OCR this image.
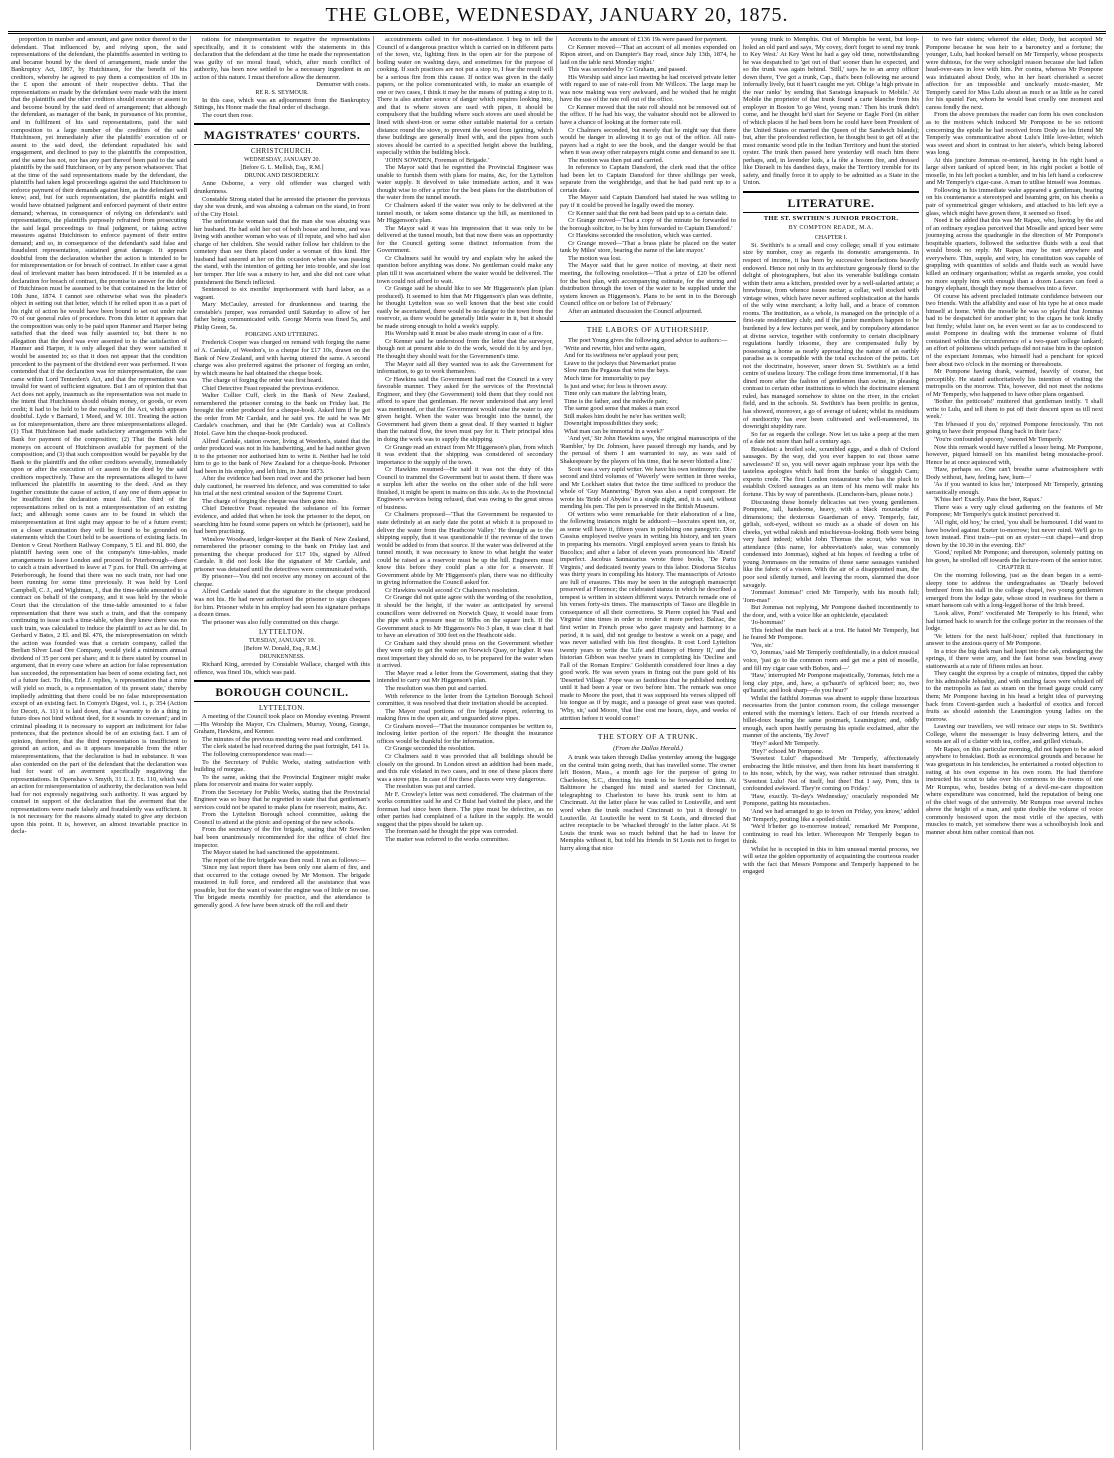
THE GLOBE, WEDNESDAY, JANUARY 20, 1875.

proportion in number and amount, and gave notice thereof to the defendant. That influenced by, and relying upon, the said representations of the defendant, the plaintiffs assented in writing to and became bound by the deed of arrangement, made under the Bankruptcy Act, 1867, by Hutchinson, for the benefit of his creditors, whereby he agreed to pay them a composition of 10s in the £ upon the amount of their respective debts. That the representations so made by the defendant were made with the intent that the plaintiffs and the other creditors should execute or assent to and become bound by the said deed of arrangement; that although the defendant, as manager of the bank, in pursuance of his promise, and in fulfilment of his said representations, paid the said composition to a large number of the creditors of the said Hutchinson, yet immediately after the plaintiffs' execution of or assent to the said deed, the defendant repudiated his said engagement, and declined to pay to the plaintiffs the composition, and the same has not, nor has any part thereof been paid to the said plaintiffs by the said Hutchinson, or by any person whatsoever. That at the time of the said representations made by the defendant, the plaintiffs had taken legal proceedings against the said Hutchinson to enforce payment of their demands against him, as the defendant well knew; and, but for such representation, the plaintiffs might and would have obtained judgment and enforced payment of their entire demand; whereas, in consequence of relying on defendant's said representations, the plaintiffs purposely refrained from prosecuting the said legal proceedings to final judgment, or taking active measures against Hutchinson to enforce payment of their entire demand; and so, in consequence of the defendant's said false and fraudulent representation, sustained great damage. It appears doubtful from the declaration whether the action is intended to be for misrepresentation or for breach of contract. In either case a great deal of irrelevant matter has been introduced. If it be intended as a declaration for breach of contract, the promise to answer for the debt of Hutchinson must be assumed to be that contained in the letter of 10th June, 1874. I cannot see otherwise what was the pleader's object in setting out that letter, which if he relied upon it as a part of his right of action he would have been bound to set out under rule 70 of our general rules of procedure. From this letter it appears that the composition was only to be paid upon Hanmer and Harper being satisfied that the deed was fully assented to; but there is no allegation that the deed was ever assented to to the satisfaction of Hanmer and Harper, it is only alleged that they were satisfied it would be assented to; so that it does not appear that the condition precedent to the payment of the dividend ever was performed. It was contended that if the declaration was for misrepresentation, the case came within Lord Tenterden's Act, and that the representation was invalid for want of sufficient signature. But I am of opinion that that Act does not apply, inasmuch as the representation was not made to the intent that Hutchinson should obtain money, or goods, or even credit; it had to be held to be the reading of the Act, which appears doubtful. Lyde v Barnard, 1 Meed, and W. 101. Treating the action as for misrepresentation, there are three misrepresentations alleged. (1) That Hutchinson had made satisfactory arrangements with the Bank for payment of the composition; (2) That the Bank held moneys on account of Hutchinson available for payment of the composition; and (3) that such composition would be payable by the Bank to the plaintiffs and the other creditors severally, immediately upon or after the execution of or assent to the deed by the said creditors respectively. These are the representations alleged to have influenced the plaintiffs in assenting to the deed. And as they together constitute the cause of action, if any one of them appear to be insufficient the declaration must fail. The third of the representations relied on is not a misrepresentation of an existing fact; and although some cases are to be found in which the misrepresentation at first sight may appear to be of a future event; on a closer examination they will be found to be grounded on statements which the Court held to be assertions of existing facts. In Denton v Great Northern Railway Company, 5 El. and Bl. 860, the plaintiff having seen one of the company's time-tables, made arrangements to leave London and proceed to Peterborough—there to catch a train advertised to leave at 7 p.m. for Hull. On arriving at Peterborough, he found that there was no such train, nor had one been running for some time previously. It was held by Lord Campbell, C. J., and Wightman, J., that the time-table amounted to a contract on behalf of the company, and it was held by the whole Court that the circulation of the time-table amounted to a false representation that there was such a train, and that the company continuing to issue such a time-table, when they knew there was no such train, was calculated to induce the plaintiff to act as he did. In Gerhard v Bates, 2 El. and Bl. 476, the misrepresentation on which the action was founded was that a certain company, called the Berlian Silver Lead Ore Company, would yield a minimum annual dividend of 35 per cent per share; and it is there stated by counsel in argument, that in every case where an action for false representation has succeeded, the representation has been of some existing fact, not of a future fact. To this, Erle J. replies, 'a representation that a mine will yield so much, is a representation of its present state,' thereby impliedly admitting that there could be no false misrepresentation except of an existing fact. In Comyn's Digest, vol. i., p. 354 (Action for Deceit, A. 11) it is laid down, that a 'warranty to do a thing in futuro does not bind without deed, for it sounds in covenant'; and in criminal pleading it is necessary to support an indictment for false pretences, that the pretence should be of an existing fact. I am of opinion, therefore, that the third representation is insufficient to ground an action, and as it appears inseparable from the other misrepresentations, that the declaration is bad in substance. It was also contended on the part of the defendant that the declaration was bad for want of an averment specifically negativing the representations. In Openshaw v. Smyth, 31 L. J. Ex. 110, which was an action for misrepresentation of authority, the declaration was held bad for not expressly negativing such authority. It was argued by counsel in support of the declaration that the averment that the representations were made falsely and fraudulently was sufficient. It is not necessary for the reasons already stated to give any decision upon this point. It is, however, an almost invariable practice in decla-

rations for misrepresentation to negative the representations specifically, and it is consistent with the statements in this declaration that the defendant at the time he made the representation was guilty of no moral fraud, which, after much conflict of authority, has been now settled to be a necessary ingredient in an action of this nature. I must therefore allow the demurrer.

Demurrer with costs.

RE R. S. SEYMOUR.

In this case, which was an adjournment from the Bankruptcy Sittings, his Honor made the final order of discharge.

The court then rose.

MAGISTRATES' COURTS.
CHRISTCHURCH.
WEDNESDAY, JANUARY 20.
[Before G. L. Mellish, Esq., R.M.]
DRUNK AND DISORDERLY.

Anne Osborne, a very old offender was charged with drunkenness.

Constable Strong stated that he arrested the prisoner the previous day she was drunk, and was abusing a cabman on the stand, in front of the City Hotel.

The unfortunate woman said that the man she was abusing was her husband. He had sold her out of both house and home, and was living with another woman who was of ill repute, and who had also charge of her children. She would rather follow her children to the cemetery than see them placed under a woman of this kind. Her husband had sneered at her on this occasion when she was passing the stand, with the intention of getting her into trouble, and she lost her temper. Her life was a misery to her, and she did not care what punishment the Bench inflicted.

Sentenced to six months' imprisonment with hard labor, as a vagrant.

Mary McCauley, arrested for drunkenness and tearing the constable's jumper, was remanded until Saturday to allow of her father being communicated with. George Morris was fined 5s, and Philip Green, 5s.

FORGING AND UTTERING.

Frederick Cooper was charged on remand with forging the name of A. Cardale, of Weedon's, to a cheque for £17 10s, drawn on the Bank of New Zealand, and with having uttered the same. A second charge was also preferred against the prisoner of forging an order, by which means he had obtained the cheque book.

The charge of forging the order was first heard.

Chief Detective Feast repeated the previous evidence.

Walter Collier Cuff, clerk in the Bank of New Zealand, remembered the prisoner coming to the bank on Friday last. He brought the order produced for a cheque-book. Asked him if he got the order from Mr Cardale, and he said yes. He said he was Mr Cardale's coachman, and that he (Mr Cardale) was at Collins's Hotel. Gave him the cheque-book produced.

Alfred Cardale, station owner, living at Weedon's, stated that the order produced was not in his handwriting, and he had neither given it to the prisoner nor authorised him to write it. Neither had he told him to go to the bank of New Zealand for a cheque-book. Prisoner had been in his employ, and left him, in June 1873.

After the evidence had been read over and the prisoner had been duly cautioned, he reserved his defence, and was committed to take his trial at the next criminal session of the Supreme Court.

The charge of forging the cheque was then gone into.

Chief Detective Feast repeated the substance of his former evidence, and added that when he took the prisoner to the depot, on searching him he found some papers on which he (prisoner), said he had been practising.

Winslow Woodward, ledger-keeper at the Bank of New Zealand, remembered the prisoner coming to the bank on Friday last and presenting the cheque produced for £17 10s, signed by Alfred Cardale. It did not look like the signature of Mr Cardale, and prisoner was detained until the detectives were communicated with.

By prisoner—You did not receive any money on account of the cheque.

Alfred Cardale stated that the signature to the cheque produced was not his. He had never authorised the prisoner to sign cheques for him. Prisoner while in his employ had seen his signature perhaps a dozen times.

The prisoner was also fully committed on this charge.

LYTTELTON.
TUESDAY, JANUARY 19.
[Before W. Donald, Esq., R.M.]
DRUNKENNESS.

Richard King, arrested by Constable Wallace, charged with this offence, was fined 10s, which was paid.

BOROUGH COUNCIL.
LYTTELTON.

A meeting of the Council took place on Monday evening. Present—His Worship the Mayor, Crs Chalmers, Murray, Young, Grange, Graham, Hawkins, and Kenner.

The minutes of the previous meeting were read and confirmed.

The clerk stated he had received during the past fortnight, £41 1s.

The following correspondence was read:—

To the Secretary of Public Works, stating satisfaction with building of morgue.

To the same, asking that the Provincial Engineer might make plans for reservoir and mains for water supply.

From the Secretary for Public Works, stating that the Provincial Engineer was so busy that he regretted to state that that gentleman's services could not be spared to make plans for reservoir, mains, &c.

From the Lyttelton Borough school committee, asking the Council to attend at the picnic and opening of the new schools.

From the secretary of the fire brigade, stating that Mr Sowden had been unanimously recommended for the office of chief fire inspector.

The Mayor stated he had sanctioned the appointment.

The report of the fire brigade was then read. It ran as follows:—

'Since my last report there has been only one alarm of fire, and that occurred to the cottage owned by Mr Monson. The brigade mustered in full force, and rendered all the assistance that was possible, but for the want of water the engine was of little or no use. The brigade meets monthly for practice, and the attendance is generally good. A few have been struck off the roll and their

accoutrements called in for non-attendance. I beg to tell the Council of a dangerous practice which is carried on in different parts of the town, viz, lighting fires in the open air for the purpose of boiling water on washing days, and sometimes for the purpose of cooking. If such practices are not put a stop to, I fear the result will be a serious fire from this cause. If notice was given in the daily papers, or the police communicated with, to make an example of one or two cases, I think it may be the means of putting a stop to it. There is also another source of danger which requires looking into, and that is where stoves are used with pipes, it should be compulsory that the building where such stoves are used should be lined with sheet-iron or some other suitable material for a certain distance round the stove, to prevent the wood from igniting, which these buildings are generally lined with, and the pipes from such stoves should be carried to a specified height above the building, especially within the building block.

'JOHN SOWDEN, Foreman of Brigade.'

The Mayor said that he regretted the Provincial Engineer was unable to furnish them with plans for mains, &c, for the Lyttelton water supply. It devolved to take immediate action, and it was thought wise to offer a prize for the best plans for the distribution of the water from the tunnel mouth.

Cr Chalmers asked if the water was only to be delivered at the tunnel mouth, or taken some distance up the hill, as mentioned in Mr Higgenson's plan.

The Mayor said it was his impression that it was only to be delivered at the tunnel mouth, but that now there was an opportunity for the Council getting some distinct information from the Government.

Cr Chalmers said he would try and explain why he asked the question before anything was done. No gentleman could make any plan till it was ascertained where the water would be delivered. The town could not afford to wait.

Cr Grange said he should like to see Mr Higgenson's plan (plan produced). It seemed to him that Mr Higgenson's plan was definite, he thought Lyttelton was so well known that the best site could easily be ascertained, there would be no danger to the town from the reservoir, as there would be generally little water in it, but it should be made strong enough to hold a week's supply.

His Worship said it must be also made strong in case of a fire.

Cr Kenner said he understood from the letter that the surveyor, though not at present able to do the work, would do it by and bye. He thought they should wait for the Government's time.

The Mayor said all they wanted was to ask the Government for information, to go to work themselves.

Cr Hawkins said the Government had met the Council in a very favorable manner. They asked for the services of the Provincial Engineer, and they (the Government) told them that they could not afford to spare that gentleman. He never understood that any level was mentioned, or that the Government would raise the water to any given height. When the water was brought into the tunnel, the Government had given them a great deal. If they wanted it higher than the natural flow, the town must pay for it. Their principal idea in doing the work was to supply the shipping.

Cr Grange read an extract from Mr Higgenson's plan, from which it was evident that the shipping was considered of secondary importance to the supply of the town.

Cr Hawkins resumed—He said it was not the duty of this Council to trammel the Government but to assist them. If there was a surplus left after the works on the other side of the hill were finished, it might be spent in mains on this side. As to the Provincial Engineer's services being refused, that was owing to the great stress of business.

Cr Chalmers proposed—'That the Government be requested to state definitely at an early date the point at which it is proposed to deliver the water from the Heathcote Valley.' He thought as to the shipping supply, that it was questionable if the revenue of the town would be added to from that source. If the water was delivered at the tunnel mouth, it was necessary to know to what height the water could be raised as a reservoir must be up the hill. Engineers must know this before they could plan a site for a reservoir. If Government abide by Mr Higgenson's plan, there was no difficulty in giving information the Council asked for.

Cr Hawkins would second Cr Chalmers's resolution.

Cr Grange did not quite agree with the wording of the resolution, it should be the height, if the water as anticipated by several councillors were delivered on Norwich Quay, it would issue from the pipe with a pressure near to 90lbs on the square inch. If the Government stuck to Mr Higgenson's No 3 plan, it was clear it had to have an elevation of 300 feet on the Heathcote side.

Cr Graham said they should press on the Government whether they were only to get the water on Norwich Quay, or higher. It was most important they should do so, to be prepared for the water when it arrived.

The Mayor read a letter from the Government, stating that they intended to carry out Mr Higgenson's plan.

The resolution was then put and carried.

With reference to the letter from the Lyttelton Borough School committee, it was resolved that their invitation should be accepted.

The Mayor read portions of fire brigade report, referring to making fires in the open air, and unguarded stove pipes.

Cr Graham moved—'That the insurance companies be written to, inclosing letter portion of the report.' He thought the insurance offices would be thankful for the information.

Cr Grange seconded the resolution.

Cr Chalmers said it was provided that all buildings should be closely on the ground. In London street an addition had been made, and this rule violated in two cases, and in one of these places there was a stove pipe. In case of fire these places were very dangerous.

The resolution was put and carried.

Mr F. Crowley's letter was next considered. The chairman of the works committee said he and Cr Buist had visited the place, and the foreman had since been there. The pipe must be defective, as no other parties had complained of a failure in the supply. He would suggest that the pipes should be taken up.

The foreman said he thought the pipe was corroded.

The matter was referred to the works committee.

Accounts to the amount of £136 19s were passed for payment.

Cr Kenner moved—'That an account of all monies expended on Ripon street, and on Dampier's Bay road, since July 13th, 1874, be laid on the table next Monday night.'

This was seconded by Cr Graham, and passed.

His Worship said since last meeting he had received private letter with regard to use of rate-roll from Mr Willcox. The large map he was now making was very awkward, and he wished that he might have the use of the rate roll out of the office.

Cr Kenner moved that the rate roll should not be removed out of the office. If he had his way, the valuator should not be allowed to have a chance of looking at the former rate roll.

Cr Chalmers seconded, but merely that he might say that there would be danger in allowing it to go out of the office. All rate-payers had a right to see the book, and the danger would be that when it was away other ratepayers might come and demand to see it.

The motion was then put and carried.

In reference to Captain Dansford, the clerk read that the office had been let to Captain Dansford for three shillings per week, separate from the weighbridge, and that he had paid rent up to a certain date.

The Mayor said Captain Dansford had stated he was willing to pay if it could be proved he legally owed the money.

Cr Kenner said that the rent had been paid up to a certain date.

Cr Grange moved—'That a copy of the minute be forwarded to the borough solicitor, to be by him forwarded to Captain Dansford.'

Cr Hawkins seconded the resolution, which was carried.

Cr Grange moved—'That a brass plate be placed on the water tank by Miles' store, bearing the name of the late mayor.'

The motion was lost.

The Mayor said that he gave notice of moving, at their next meeting, the following resolution—'That a prize of £20 be offered for the best plan, with accompanying estimate, for the storing and distribution through the town of the water to be supplied under the system known as Higgenson's. Plans to be sent in to the Borough Council office on or before 1st of February.'

After an animated discussion the Council adjourned.

THE LABORS OF AUTHORSHIP.

The poet Young gives the following good advice to authors:—

'Write and rewrite, blot and write again,

And for its swiftness ne'er applaud your pen;

Leave to the jockeys that Newmarket praise

Slow rum the Pegasus that wins the bays.

Much time for immortality to pay

Is just and wise; for less is thrown away.

Time only can mature the lab'ring brain,

Time is the father, and the midwife pain;

The same good sense that makes a man excel

Still makes him doubt he ne'er has written well;

Downright impossibilities they seek;

What man can be immortal in a week?'

'And yet,' Sir John Hawkins says, 'the original manuscripts of the 'Rambler,' by Dr. Johnson, have passed through my hands, and by the perusal of them I am warranted to say, as was said of Shakespeare by the players of his time, that he never blotted a line.'

Scott was a very rapid writer. We have his own testimony that the second and third volumes of 'Waverly' were written in three weeks, and Mr Lockhart states that twice the time sufficed to produce the whole of 'Guy Mannering.' Byron was also a rapid composer. He wrote his 'Bride of Abydos' in a single night, and, it is said, without mending his pen. The pen is preserved in the British Museum.

Of writers who were remarkable for their elaboration of a line, the following instances might be adduced:—Isocrates spent ten, or, as some will have it, fifteen years in polishing one panegyric. Dion Cassius employed twelve years in writing his history, and ten years in preparing his memoirs. Virgil employed seven years to finish his Bucolics; and after a labor of eleven years pronounced his 'Æneid' imperfect. Jacobus Sannazarius wrote three books, 'De Partu Virginis,' and dedicated twenty years to this labor. Diodorus Siculus was thirty years in compiling his history. The manuscripts of Ariosto are full of erasures. This may be seen in the autograph manuscript preserved at Florence; the celebrated stanza in which he described a tempest is written in sixteen different ways. Petrarch remade one of his verses forty-six times. The manuscripts of Tasso are illegible in consequence of all their corrections. St Pierre copied his 'Paul and Virginia' nine times in order to render it more perfect. Balzac, the first writer in French prose who gave majesty and harmony to a period, it is said, did not grudge to bestow a week on a page, and was never satisfied with his first thoughts. It cost Lord Lyttelton twenty years to write the 'Life and History of Henry II,' and the historian Gibbon was twelve years in completing his 'Decline and Fall of the Roman Empire.' Goldsmith considered four lines a day good work. He was seven years in fining out the pure gold of his 'Deserted Village.' Pope was so fastidious that he published nothing until it had been a year or two before him. The remark was once made to Moore the poet, that it was supposed his verses slipped off his tongue as if by magic, and a passage of great ease was quoted. 'Why, sir,' said Moore, 'that line cost me hours, days, and weeks of attrition before it would come!'

THE STORY OF A TRUNK.
(From the Dallas Herald.)

A trunk was taken through Dallas yesterday among the baggage on the central train going north, that has travelled some. The owner left Boston, Mass., a month ago for the purpose of going to Charleston, S.C., directing his trunk to be forwarded to him. At Baltimore he changed his mind and started for Cincinnati, telegraphing to Charleston to have his trunk sent to him at Cincinnati. At the latter place he was called to Louisville, and sent word when the trunk reached Cincinnati to 'put it through' to Louisville. At Louisville he went to St Louis, and directed that active receptacle to be 'whacked through' to the latter place. At St Louis the trunk was so much behind that he had to leave for Memphis without it, but told his friends in St Louis not to forget to hurry along that nice

young trunk to Memphis. Out of Memphis he went, but loop-holed an old pard and says, 'My covey, don't forget to send my trunk to Key West.' At Key West he had a gay old time, notwithstanding he was despatched to 'get out of that' sooner than he expected, and so the trunk was again behind. 'Still,' says he to an army officer down there, 'I've got a trunk, Cap., that's been following me around infernally lively, but it hasn't caught me yet. Oblige 'a high private in the rear ranks' by sending that Saratoga knapsack to Mobile.' At Mobile the proprietor of that trunk found a carte blanche from his employer in Boston 'to go West, young man.' Then his trunk didn't come, and he thought he'd start for Seyene or Eagle Ford (in either of which places if he had been born he could have been President of the United States or married the Queen of the Sandwich Islands); but, after the profoundest reflection, he thought best to get off at the most romantic wood pile in the Indian Territory and hunt the storied oyster. The trunk then passed here yesterday will reach him there perhaps, and, in lavender kids, a la tête a bosom fire, and dressed like Disraeli in his dandiest days, make the Territory tremble for its safety, and finally force it to apply to be admitted as a State in the Union.

LITERATURE.
THE ST. SWITHIN'S JUNIOR PROCTOR.
BY COMPTON READE, M.A.
CHAPTER I.

St. Swithin's is a small and cosy college; small if you estimate size by number, cosy as regards its domestic arrangements. In respect of income, it has been by successive benefactions heavily endowed. Hence not only in its architecture gorgeously florid to the delight of photographers, but also its venerable buildings contain within their area a kitchen, presided over by a well-salaried artiste; a brewhouse, from whence issues nectar; a cellar, well stocked with vintage wines, which have never suffered sophistication at the hands of the wily wine merchant; a lofty hall, and a brace of common rooms. The institution, as a whole, is managed on the principle of a first-rate residentiary club; and if the junior members happen to be burdened by a few lectures per week, and by compulsory attendance at divine service, together with conformity to certain disciplinary regulations hardly irksome, they are compensated fully by possessing a home as nearly approaching the nature of an earthly paradise as is compatible with the total exclusion of the petits. Let not the doctrinaire, however, sneer down St. Swithin's as a fetid centre of useless luxury. The college from time immemorial, if it has dined more after the fashion of gentlemen than swine, in pleasing contrast to certain other institutions to which the doctrinaire element ruled, has managed somehow to shine on the river, in the cricket field, and in the schools. St. Swithin's has been prolific in genius, has showed, moreover, a go of average of talent; whilst its residuum of mediocrity has ever been cultivated and well-mannered, its downright stupidity rare.

So far as regards the college. Now let us take a peep at the men of a date not more than half a century ago.

Breakfast: a broiled sole, scrambled eggs, and a dish of Oxford sausages. By the way, did you ever happen to eat those same sawclesses? If so, you will never again rephrase your lips with the tasteless apologies which hail from the banks of sluggish Cam; experto crede. The first London restaurateur who has the pluck to establish Oxford sausages as an item of his menu will make his fortune. This by way of parenthesis. (Luncheon-bars, please note.)

Discussing these homely delicacies sat two young gentlemen. Pompone, tall, handsome, heavy, with a black moustache of dimensions; the dexterous Guardsman of envy. Temperly, fair, girlish, soft-eyed, without so much as a shade of down on his cheeks, yet withal rakish and mischievous-looking. Both were being very hard indeed; whilst John Thomas the scout, who was in attendance (this name, for abbreviation's sake, was commonly condensed into Jommas), sighed at his hopes of feeding a tribe of young Jommases on the remains of those same sausages vanished like the fabric of a vision. With the air of a disappointed man, the poor soul silently turned, and leaving the room, slammed the door savagely.

'Jommas! Jommas!' cried Mr Temperly, with his mouth full; 'Jom-mas!'

But Jommas not replying, Mr Pompone dashed incontinently to the door, and, with a voice like an ophicleide, ejaculated:

'Jo-hommas!'

This fetched the man back at a trot. He hated Mr Temperly, but he feared Mr Pompone.

'Yes, sir.'

'O, Jommas,' said Mr Temperly confidentially, in a dulcet musical voice, 'just go to the common room and get me a pint of moselle, and fill my cigar case with Bobos, and—'

'Haw,' interrupted Mr Pompone majestically, 'Jommas, fetch me a long clay pipe, and, haw, a qu'hauri's of sp'hiced beer; no, two qu'hauris; and look sharp—do you hear?'

Whilst the faithful Jommas was absent to supply these luxurious necessaries from the junior common room, the college messenger entered with the morning's letters. Each of our friends received a billet-doux bearing the same postmark, Leamington; and, oddly enough, each upon hastily perusing his epistle exclaimed, after the manner of the ancients, 'By Jove!'

'Hey?' asked Mr Temperly.

'Hey?' echoed Mr Pompone.

'Sweetest Lulu!' rhapsodised Mr Temperly, affectionately embracing the little missive, and then from his heart transferring it to his nose, which, by the way, was rather retroussé than straight. 'Sweetest Lulu! Not of itself, but thee! But I say, Pom, this is confounded awkward. They're coming on Friday.'

'Haw, exactly. To-day's Wednesday,' oracularly responded Mr Pompone, patting his moustaches.

'And we had arranged to go to town on Friday, you know,' added Mr Temperly, pouting like a spoiled child.

'We'd b'hetter go to-morrow instead,' remarked Mr Pompone, continuing to read his letter. Whereupon Mr Temperly began to think.

Whilst he is occupied in this to him unusual mental process, we will seize the golden opportunity of acquainting the courteous reader with the fact that Messrs Pompone and Temperly happened to be engaged

to two fair sisters; whereof the elder, Dody, but accepted Mr Pompone because he was heir to a baronetcy and a fortune; the younger, Lulu, had hooked herself on Mr Temperly, whose prospects were dubious, for the very schoolgirl reason because she had fallen head-over-ears in love with him. Per contra, whereas Mr Pompone was infatuated about Dody, who in her heart cherished a secret affection for an impossible and unclearly music-master, Mr Temperly cared for Miss Lulu about as much or as little as he cared for his spaniel Fan, whom he would beat cruelly one moment and caress fondly the next.

From the above premises the reader can form his own conclusion as to the motives which induced Mr Pompone to be so reticent concerning the epistle he had received from Dody as his friend Mr Temperly was communicative about Lulu's little love-letter, which was sweet and short in contrast to her sister's, which being labored was long.

At this juncture Jommas re-entered, having in his right hand a large silver tankard of spiced beer, in his right pocket a bottle of moselle, in his left pocket a tumbler, and in his left hand a corkscrew and Mr Temperly's cigar-case. A man to utilise himself was Jommas.

Following in his immediate wake appeared a gentleman, bearing on his countenance a stereotyped and beaming grin, on his cheeks a pair of symmetrical ginger whiskers, and attached to his left eye a glass, which might have grown there, it seemed so fixed.

Need it be added that this was Mr Rapax, who, having by the aid of an ordinary eyeglass perceived that Moselle and spiced beer were journeying across the quadrangle in the direction of Mr Pompone's hospitable quarters, followed the seductive fluids with a zeal that would brook no reply. Mr Rapax may be met anywhere and everywhere. Thin, supple, and wiry, his constitution was capable of grappling with quantities of solids and fluids such as would have killed an ordinary organisation; whilst as regards smoke, you could no more supply him with enough than a dozen Lascars can feed a hungry elephant, though they mow themselves into a fever.

Of course his advent precluded intimate confidence between our two friends. With the affability and ease of his type he at once made himself at home. With the moselle he was so playful that Jommas had to be despatched for another pint; to the cigars he took kindly but firmly; whilst later on, he even went so far as to condescend to assist Pompone in dealing with the immense volume of fluid contained within the circumference of a two-quart college tankard; an effort of politeness which perhaps did not raise him in the opinion of the expectant Jommas, who himself had a penchant for spiced beer about two o'clock in the morning or thereabouts.

Mr Pompone having drank, warmed, heavily of course, but perceptibly. He stated authoritatively his intention of visiting the metropolis on the morrow. This, however, did not meet the notions of Mr Temperly, who happened to have other plans organised.

'Bother the petticoats!' muttered that gentleman testily. 'I shall write to Lulu, and tell them to put off their descent upon us till next week.'

'I'm b'hessed if you do,' rejoined Pompone ferociously. 'I'm not going to have their proposal flung back in their face.'

'You're confounded spoony,' sneered Mr Temperly.

Now this remark would have ruffled a lesser being. Mr Pompone, however, piqued himself on his manifest being moustache-proof. Hence he at once aquiesced with,

'Haw, perhaps so. One can't breathe same a'hatmosphere with Dody without, haw, feeling, haw, hum—'

'As if you wanted to kiss her,' interposed Mr Temperly, grinning sarcastically enough.

'K'hiss her! Exactly. Pass the beer, Rapax.'

There was a very ugly cloud gathering on the features of Mr Pompone; Mr Temperly's quick instinct perceived it.

'All right, old boy,' he cried, 'you shall be humoured. I did want to have bowled against Exeter to-morrow; but never mind. We'll go to town instead. First train—put on an oyster—cut chapel—and drop down by the 10.30 in the evening. Eh?'

'Good,' replied Mr Pompone; and thereupon, solemnly putting on his gown, he strolled off towards the lecture-room of the senior tutor.

CHAPTER II.

On the morning following, just as the dean began in a semi-sleepy tone to address the undergraduates as 'Dearly beloved brethren' from his stall in the college chapel, two young gentlemen emerged from the lodge gate, whose stood in readiness for them a smart hansom cab with a long-legged horse of the Irish breed.

'Look alive, Pom!' vociferated Mr Temperly to his friend, who had turned back to search for the college porter in the recesses of the lodge.

'Ve letters for the next half-hour,' replied that functionary in answer to the anxious query of Mr Pompone.

In a trice the big dark man had leapt into the cab, endangering the springs, if there were any, and the fast horse was bowling away stationwards at a rate of fifteen miles an hour.

They caught the express by a couple of minutes, tipped the cabby for his admirable Jehuship, and with smiling faces were whisked off to the metropolis as fast as steam on the broad gauge could carry them; Mr Pompone having in his head a bright idea of purveying back from Covent-garden such a basketful of exotics and forced fruits as should astonish the Leamington young ladies on the morrow.

Leaving our travellers, we will retrace our steps to St. Swithin's College, where the messenger is busy delivering letters, and the scouts are all of a clatter with tea, coffee, and grilled victuals.

Mr Rapax, on this particular morning, did not happen to be asked anywhere to breakfast. Both as economical grounds and because he was gregarious in his tendencies, he entertained a rooted objection to eating at his own expense in his own room. He had therefore instructed his scout to take over his commons to the rooms of one Mr Rumpus, who, besides being of a devil-me-care disposition where expenditure was concerned, held the reputation of being one of the chief wags of the university. Mr Rumpus rose several inches above the height of a man, and quite double the volume of voice commonly bestowed upon the most virile of the species, with muscles to match, yet somehow there was a schoolboyish look and manner about him rather comical than not.
